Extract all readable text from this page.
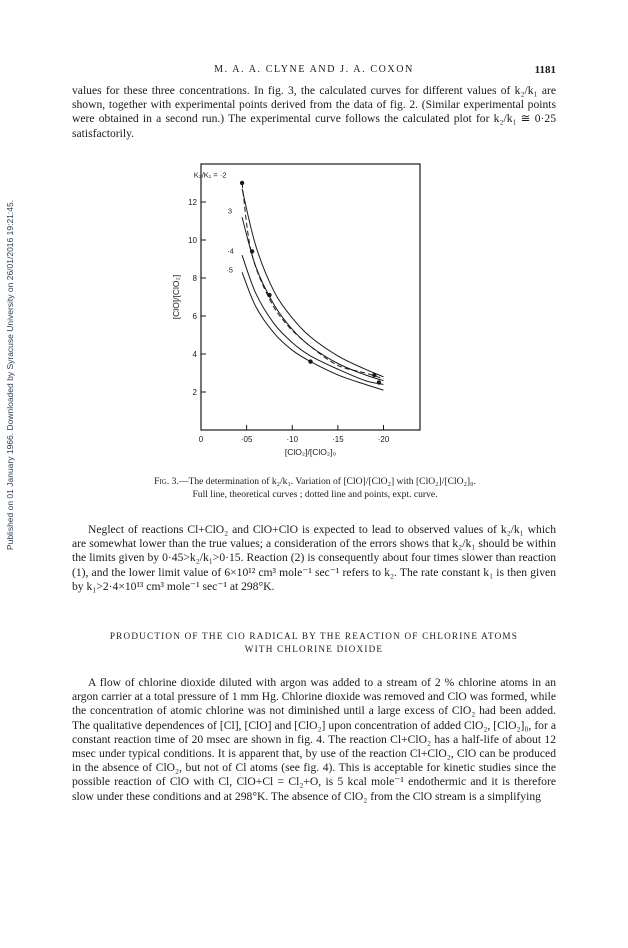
Published on 01 January 1966. Downloaded by Syracuse University on 26/01/2016 19:21:45.
M. A. A. CLYNE AND J. A. COXON	1181

values for these three concentrations. In fig. 3, the calculated curves for different values of k₂/k₁ are shown, together with experimental points derived from the data of fig. 2. (Similar experimental points were obtained in a second run.) The experimental curve follows the calculated plot for k₂/k₁ ≅ 0·25 satisfactorily.

0	·05	·10	·15	·20
2
4
6
8
10
12
[ClO₂]/[ClO₂]₀
[ClO]/[ClO₂]
K₂/K₁ = ·2
3
·4
·5
Fig. 3.—The determination of k₂/k₁. Variation of [ClO]/[ClO₂] with [ClO₂]/[ClO₂]₀.
Full line, theoretical curves ; dotted line and points, expt. curve.

Neglect of reactions Cl+ClO₂ and ClO+ClO is expected to lead to observed values of k₂/k₁ which are somewhat lower than the true values; a consideration of the errors shows that k₂/k₁ should be within the limits given by 0·45>k₂/k₁>0·15. Reaction (2) is consequently about four times slower than reaction (1), and the lower limit value of 6×10¹² cm³ mole⁻¹ sec⁻¹ refers to k₂. The rate constant k₁ is then given by k₁>2·4×10¹³ cm³ mole⁻¹ sec⁻¹ at 298°K.

PRODUCTION OF THE ClO RADICAL BY THE REACTION OF CHLORINE ATOMS
WITH CHLORINE DIOXIDE

A flow of chlorine dioxide diluted with argon was added to a stream of 2 % chlorine atoms in an argon carrier at a total pressure of 1 mm Hg. Chlorine dioxide was removed and ClO was formed, while the concentration of atomic chlorine was not diminished until a large excess of ClO₂ had been added. The qualitative dependences of [Cl], [ClO] and [ClO₂] upon concentration of added ClO₂, [ClO₂]₀, for a constant reaction time of 20 msec are shown in fig. 4. The reaction Cl+ClO₂ has a half-life of about 12 msec under typical conditions. It is apparent that, by use of the reaction Cl+ClO₂, ClO can be produced in the absence of ClO₂, but not of Cl atoms (see fig. 4). This is acceptable for kinetic studies since the possible reaction of ClO with Cl, ClO+Cl = Cl₂+O, is 5 kcal mole⁻¹ endothermic and it is therefore slow under these conditions and at 298°K. The absence of ClO₂ from the ClO stream is a simplifying
